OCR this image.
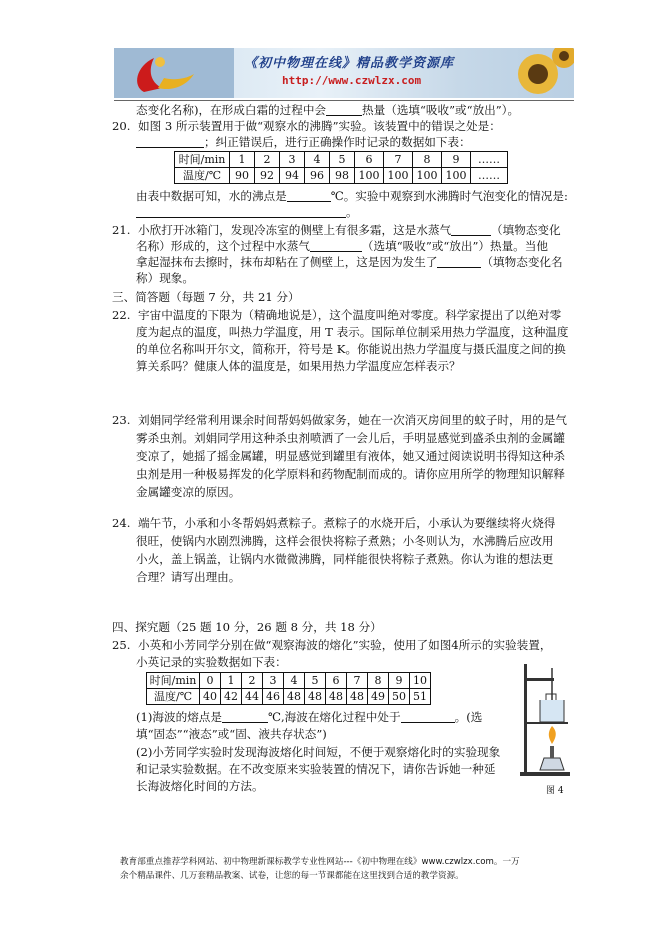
《初中物理在线》精品教学资源库
http://www.czwlzx.com
态变化名称)，在形成白霜的过程中会	热量（选填“吸收”或“放出”）。
20. 如图 3 所示装置用于做“观察水的沸腾”实验。该装置中的错误之处是：
；纠正错误后，进行正确操作时记录的数据如下表：
时间/min	1	2	3	4	5	6	7	8	9	……
温度/℃	90	92	94	96	98	100	100	100	100	……
由表中数据可知，水的沸点是	℃。实验中观察到水沸腾时气泡变化的情况是:
。
21. 小欣打开冰箱门，发现冷冻室的侧壁上有很多霜，这是水蒸气	（填物态变化
名称）形成的，这个过程中水蒸气	（选填“吸收”或“放出”）热量。当他
拿起湿抹布去擦时，抹布却粘在了侧壁上，这是因为发生了	（填物态变化名
称）现象。
三、简答题（每题 7 分，共 21 分）
22. 宇宙中温度的下限为（精确地说是），这个温度叫绝对零度。科学家提出了以绝对零
度为起点的温度，叫热力学温度，用 T 表示。国际单位制采用热力学温度，这种温度
的单位名称叫开尔文，简称开，符号是 K。你能说出热力学温度与摄氏温度之间的换
算关系吗？健康人体的温度是，如果用热力学温度应怎样表示？
23. 刘娟同学经常利用课余时间帮妈妈做家务，她在一次消灭房间里的蚊子时，用的是气
雾杀虫剂。刘娟同学用这种杀虫剂喷洒了一会儿后，手明显感觉到盛杀虫剂的金属罐
变凉了，她摇了摇金属罐，明显感觉到罐里有液体，她又通过阅读说明书得知这种杀
虫剂是用一种极易挥发的化学原料和药物配制而成的。请你应用所学的物理知识解释
金属罐变凉的原因。
24. 端午节，小承和小冬帮妈妈煮粽子。煮粽子的水烧开后，小承认为要继续将火烧得
很旺，使锅内水剧烈沸腾，这样会很快将粽子煮熟；小冬则认为，水沸腾后应改用
小火，盖上锅盖，让锅内水微微沸腾，同样能很快将粽子煮熟。你认为谁的想法更
合理？请写出理由。
四、探究题（25 题 10 分，26 题 8 分，共 18 分）
25. 小英和小芳同学分别在做“观察海波的熔化”实验，使用了如图4所示的实验装置，
小英记录的实验数据如下表：
时间/min	0	1	2	3	4	5	6	7	8	9	10
温度/℃	40	42	44	46	48	48	48	48	49	50	51
(1)海波的熔点是	℃,海波在熔化过程中处于	。(选
填“固态”“液态”或“固、液共存状态”)
(2)小芳同学实验时发现海波熔化时间短，不便于观察熔化时的实验现象
和记录实验数据。在不改变原来实验装置的情况下，请你告诉她一种延
长海波熔化时间的方法。	图 4
教育部重点推荐学科网站、初中物理新课标教学专业性网站---《初中物理在线》www.czwlzx.com。一万
余个精品课件、几万套精品教案、试卷，让您的每一节课都能在这里找到合适的教学资源。
